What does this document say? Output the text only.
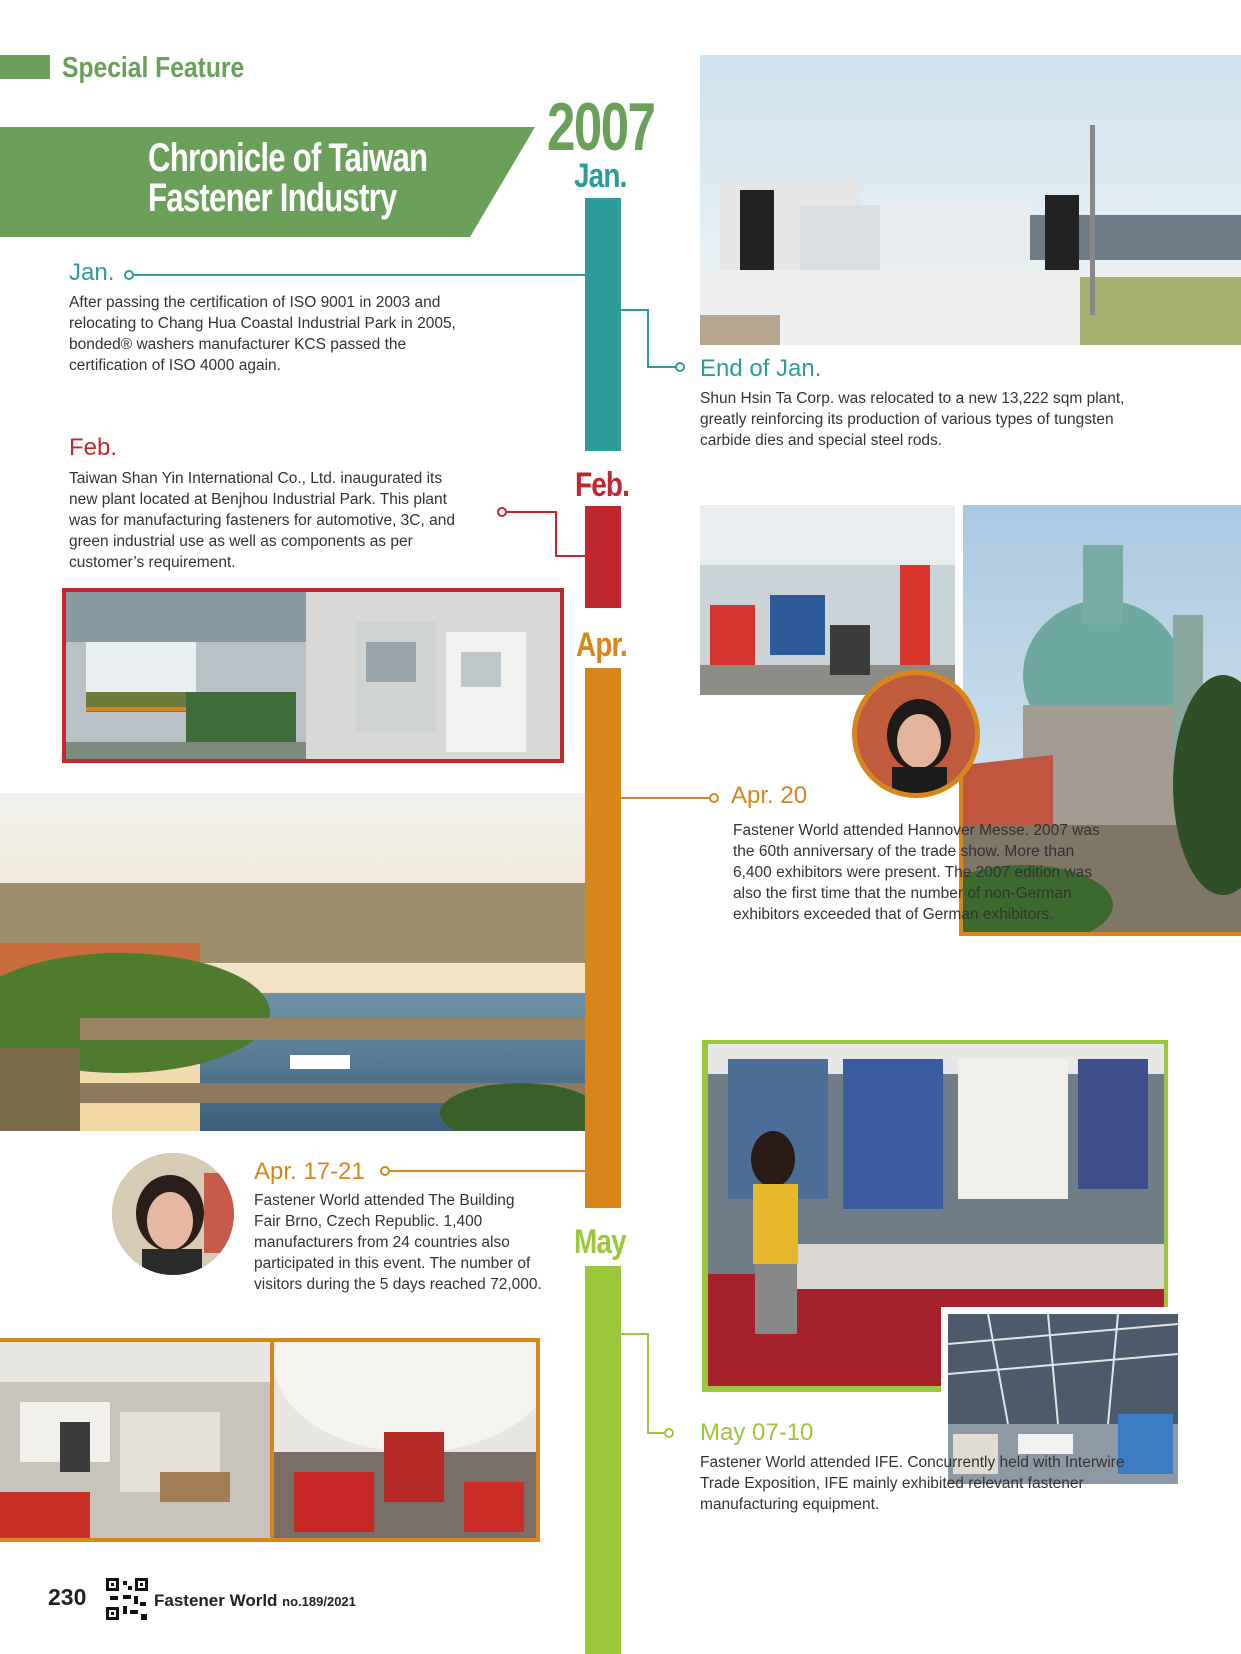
Special Feature
Chronicle of Taiwan
Fastener Industry
2007
Jan.
Feb.
Apr.
May
Jan.
After passing the certification of ISO 9001 in 2003 and relocating to Chang Hua Coastal Industrial Park in 2005, bonded® washers manufacturer KCS passed the certification of ISO 4000 again.	End of Jan.
Shun Hsin Ta Corp. was relocated to a new 13,222 sqm plant, greatly reinforcing its production of various types of tungsten carbide dies and special steel rods.
Feb.
Taiwan Shan Yin International Co., Ltd. inaugurated its new plant located at Benjhou Industrial Park. This plant was for manufacturing fasteners for automotive, 3C, and green industrial use as well as components as per customer’s requirement.
Apr. 20
Fastener World attended Hannover Messe. 2007 was the 60th anniversary of the trade show. More than 6,400 exhibitors were present. The 2007 edition was also the first time that the number of non-German exhibitors exceeded that of German exhibitors.
Apr. 17-21
Fastener World attended The Building Fair Brno, Czech Republic. 1,400 manufacturers from 24 countries also participated in this event. The number of visitors during the 5 days reached 72,000.
May 07-10
Fastener World attended IFE. Concurrently held with Interwire Trade Exposition, IFE mainly exhibited relevant fastener manufacturing equipment.
230	Fastener World no.189/2021
